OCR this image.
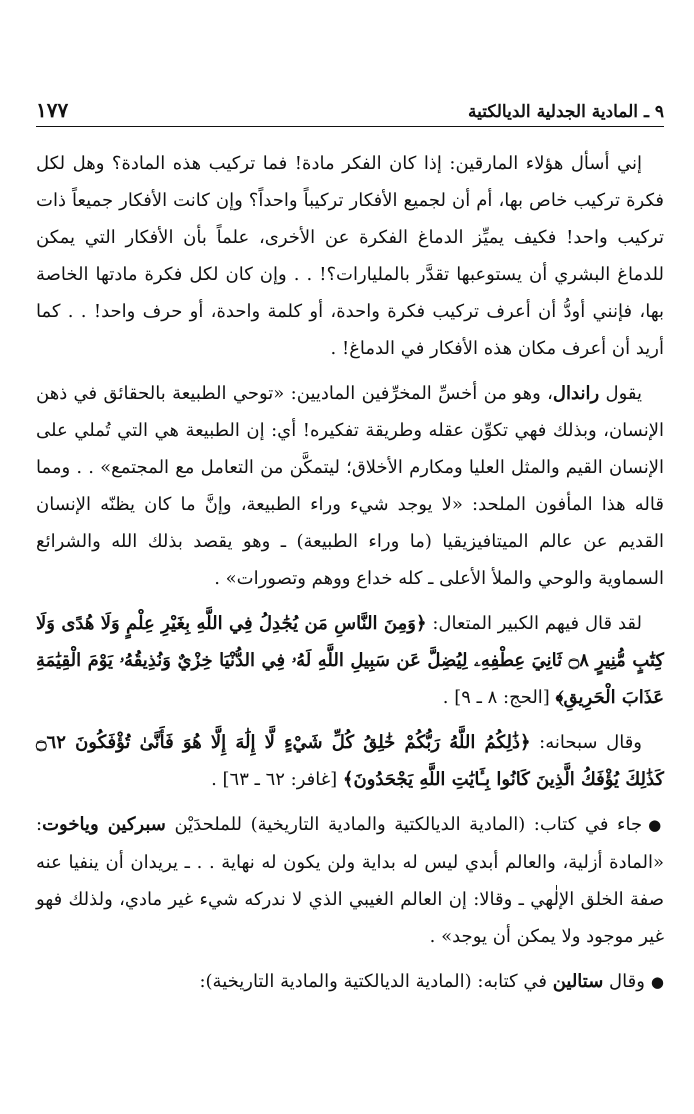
٩ ـ المادية الجدلية الديالكتية
١٧٧

إني أسأل هؤلاء المارقين: إذا كان الفكر مادة! فما تركيب هذه المادة؟ وهل لكل فكرة تركيب خاص بها، أم أن لجميع الأفكار تركيباً واحداً؟ وإن كانت الأفكار جميعاً ذات تركيب واحد! فكيف يميِّز الدماغ الفكرة عن الأخرى، علماً بأن الأفكار التي يمكن للدماغ البشري أن يستوعبها تقدَّر بالمليارات؟! . . وإن كان لكل فكرة مادتها الخاصة بها، فإنني أودُّ أن أعرف تركيب فكرة واحدة، أو كلمة واحدة، أو حرف واحد! . . كما أريد أن أعرف مكان هذه الأفكار في الدماغ! .

يقول راندال، وهو من أخسِّ المخرِّفين الماديين: «توحي الطبيعة بالحقائق في ذهن الإنسان، وبذلك فهي تكوِّن عقله وطريقة تفكيره! أي: إن الطبيعة هي التي تُملي على الإنسان القيم والمثل العليا ومكارم الأخلاق؛ ليتمكَّن من التعامل مع المجتمع» . . ومما قاله هذا المأفون الملحد: «لا يوجد شيء وراء الطبيعة، وإنَّ ما كان يظنّه الإنسان القديم عن عالم الميتافيزيقيا (ما وراء الطبيعة) ـ وهو يقصد بذلك الله والشرائع السماوية والوحي والملأ الأعلى ـ كله خداع ووهم وتصورات» .

لقد قال فيهم الكبير المتعال: ﴿وَمِنَ النَّاسِ مَن يُجَٰدِلُ فِي اللَّهِ بِغَيْرِ عِلْمٍ وَلَا هُدًى وَلَا كِتَٰبٍ مُّنِيرٍ ۝٨ ثَانِيَ عِطْفِهِۦ لِيُضِلَّ عَن سَبِيلِ اللَّهِ لَهُۥ فِي الدُّنْيَا خِزْيٌ وَنُذِيقُهُۥ يَوْمَ الْقِيَٰمَةِ عَذَابَ الْحَرِيقِ﴾ [الحج: ٨ ـ ٩] .

وقال سبحانه: ﴿ذَٰلِكُمُ اللَّهُ رَبُّكُمْ خَٰلِقُ كُلِّ شَيْءٍ لَّا إِلَٰهَ إِلَّا هُوَ فَأَنَّىٰ تُؤْفَكُونَ ۝٦٢ كَذَٰلِكَ يُؤْفَكُ الَّذِينَ كَانُوا بِـَٔايَٰتِ اللَّهِ يَجْحَدُونَ﴾ [غافر: ٦٢ ـ ٦٣] .

●جاء في كتاب: (المادية الديالكتية والمادية التاريخية) للملحدَيْن سبركين وياخوت: «المادة أزلية، والعالم أبدي ليس له بداية ولن يكون له نهاية . . ـ يريدان أن ينفيا عنه صفة الخلق الإلٰهي ـ وقالا: إن العالم الغيبي الذي لا ندركه شيء غير مادي، ولذلك فهو غير موجود ولا يمكن أن يوجد» .

●وقال ستالين في كتابه: (المادية الديالكتية والمادية التاريخية):
